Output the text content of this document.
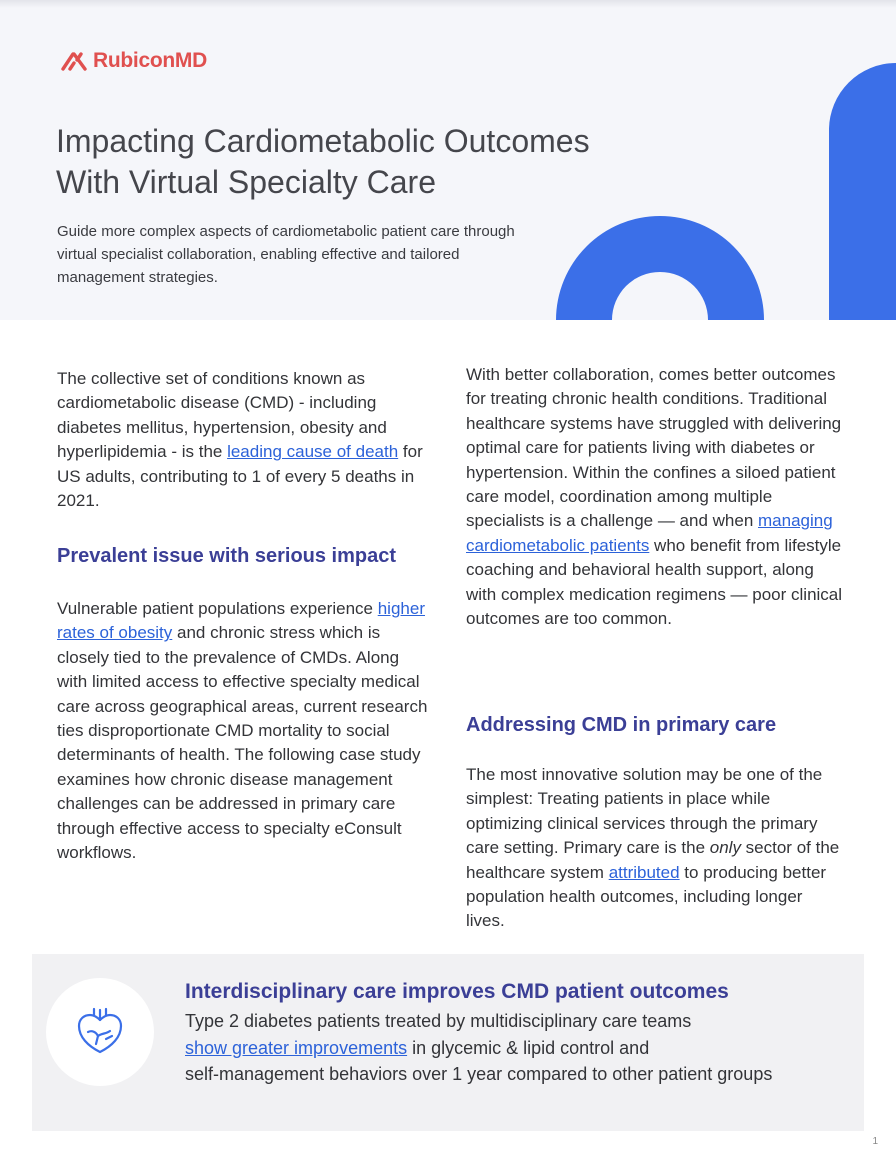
RubiconMD
Impacting Cardiometabolic Outcomes
With Virtual Specialty Care

Guide more complex aspects of cardiometabolic patient care through virtual specialist collaboration, enabling effective and tailored management strategies.

The collective set of conditions known as cardiometabolic disease (CMD) - including diabetes mellitus, hypertension, obesity and hyperlipidemia - is the leading cause of death for US adults, contributing to 1 of every 5 deaths in 2021.

Prevalent issue with serious impact

Vulnerable patient populations experience higher rates of obesity and chronic stress which is closely tied to the prevalence of CMDs. Along with limited access to effective specialty medical care across geographical areas, current research ties disproportionate CMD mortality to social determinants of health. The following case study examines how chronic disease management challenges can be addressed in primary care through effective access to specialty eConsult workflows.

With better collaboration, comes better outcomes for treating chronic health conditions. Traditional healthcare systems have struggled with delivering optimal care for patients living with diabetes or hypertension. Within the confines a siloed patient care model, coordination among multiple specialists is a challenge — and when managing cardiometabolic patients who benefit from lifestyle coaching and behavioral health support, along with complex medication regimens — poor clinical outcomes are too common.

Addressing CMD in primary care

The most innovative solution may be one of the simplest: Treating patients in place while optimizing clinical services through the primary care setting. Primary care is the only sector of the healthcare system attributed to producing better population health outcomes, including longer lives.

Interdisciplinary care improves CMD patient outcomes
Type 2 diabetes patients treated by multidisciplinary care teams
show greater improvements in glycemic & lipid control and
self-management behaviors over 1 year compared to other patient groups
1
